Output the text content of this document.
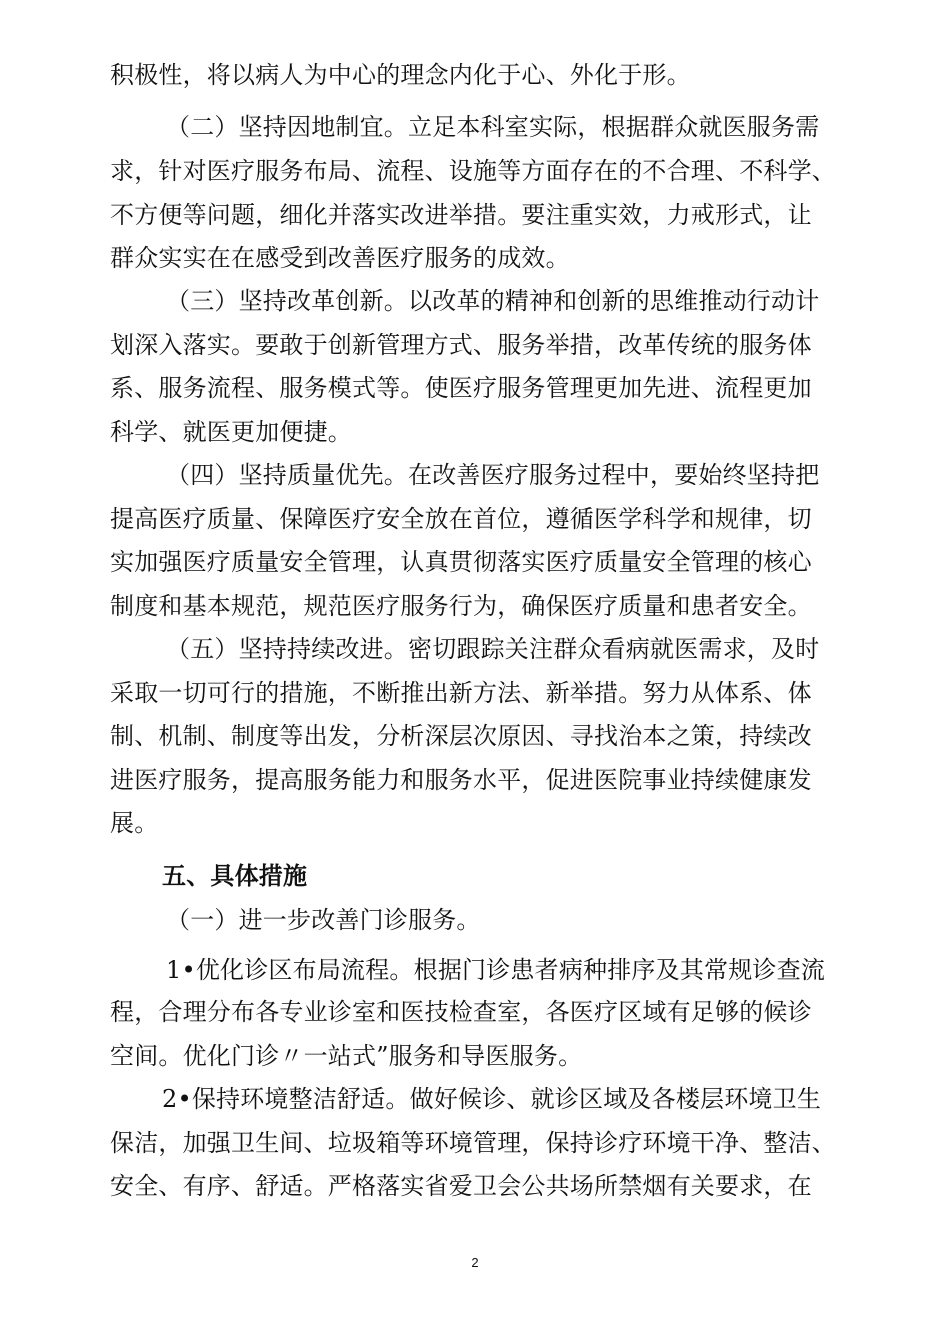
积极性，将以病人为中心的理念内化于心、外化于形。
（二）坚持因地制宜。立足本科室实际，根据群众就医服务需
求，针对医疗服务布局、流程、设施等方面存在的不合理、不科学、
不方便等问题，细化并落实改进举措。要注重实效，力戒形式，让
群众实实在在感受到改善医疗服务的成效。
（三）坚持改革创新。以改革的精神和创新的思维推动行动计
划深入落实。要敢于创新管理方式、服务举措，改革传统的服务体
系、服务流程、服务模式等。使医疗服务管理更加先进、流程更加
科学、就医更加便捷。
（四）坚持质量优先。在改善医疗服务过程中，要始终坚持把
提高医疗质量、保障医疗安全放在首位，遵循医学科学和规律，切
实加强医疗质量安全管理，认真贯彻落实医疗质量安全管理的核心
制度和基本规范，规范医疗服务行为，确保医疗质量和患者安全。
（五）坚持持续改进。密切跟踪关注群众看病就医需求，及时
采取一切可行的措施，不断推出新方法、新举措。努力从体系、体
制、机制、制度等出发，分析深层次原因、寻找治本之策，持续改
进医疗服务，提高服务能力和服务水平，促进医院事业持续健康发
展。
五、具体措施
（一）进一步改善门诊服务。
1•优化诊区布局流程。根据门诊患者病种排序及其常规诊查流
程，合理分布各专业诊室和医技检查室，各医疗区域有足够的候诊
空间。优化门诊〃一站式”服务和导医服务。
2•保持环境整洁舒适。做好候诊、就诊区域及各楼层环境卫生
保洁，加强卫生间、垃圾箱等环境管理，保持诊疗环境干净、整洁、
安全、有序、舒适。严格落实省爱卫会公共场所禁烟有关要求，在
2
